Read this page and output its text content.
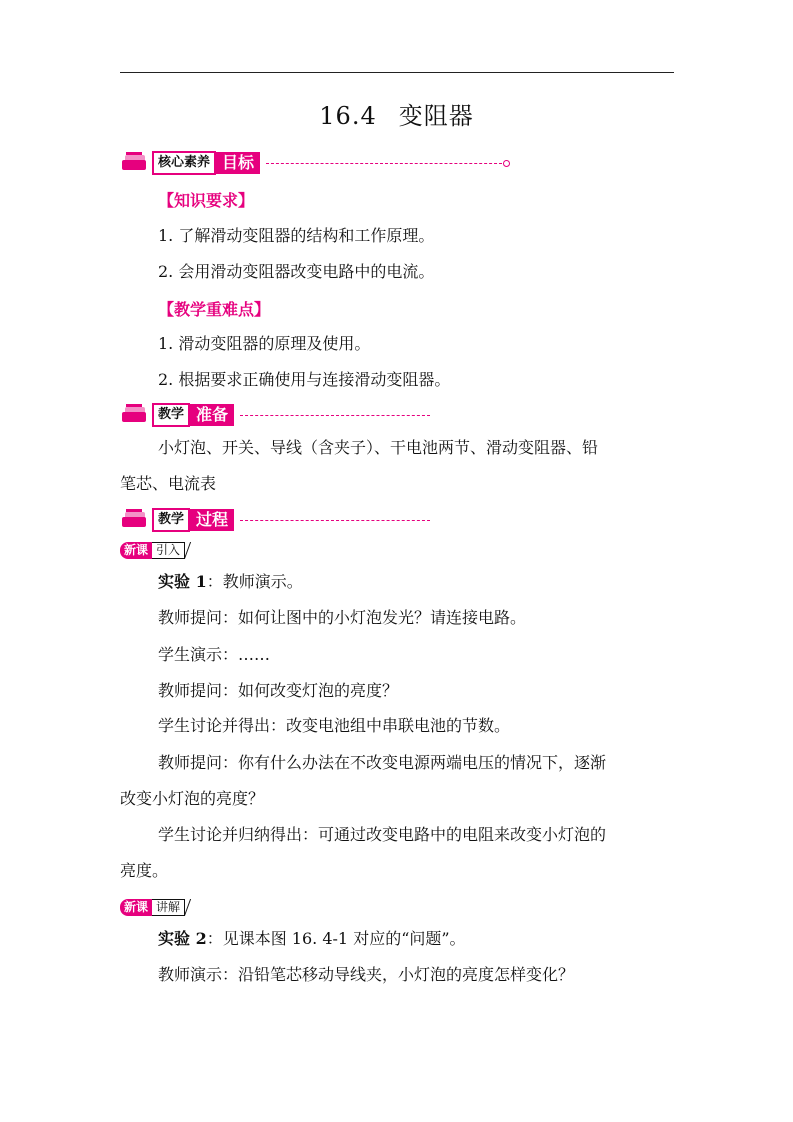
16.4 变阻器
核心素养 目标
【知识要求】
1. 了解滑动变阻器的结构和工作原理。
2. 会用滑动变阻器改变电路中的电流。
【教学重难点】
1. 滑动变阻器的原理及使用。
2. 根据要求正确使用与连接滑动变阻器。
教学 准备
小灯泡、开关、导线（含夹子）、干电池两节、滑动变阻器、铅
笔芯、电流表
教学 过程
新课 引入
实验 1：教师演示。
教师提问：如何让图中的小灯泡发光？请连接电路。
学生演示：……
教师提问：如何改变灯泡的亮度？
学生讨论并得出：改变电池组中串联电池的节数。
教师提问：你有什么办法在不改变电源两端电压的情况下，逐渐
改变小灯泡的亮度？
学生讨论并归纳得出：可通过改变电路中的电阻来改变小灯泡的
亮度。
新课 讲解
实验 2：见课本图 16. 4-1 对应的“问题”。
教师演示：沿铅笔芯移动导线夹，小灯泡的亮度怎样变化？
